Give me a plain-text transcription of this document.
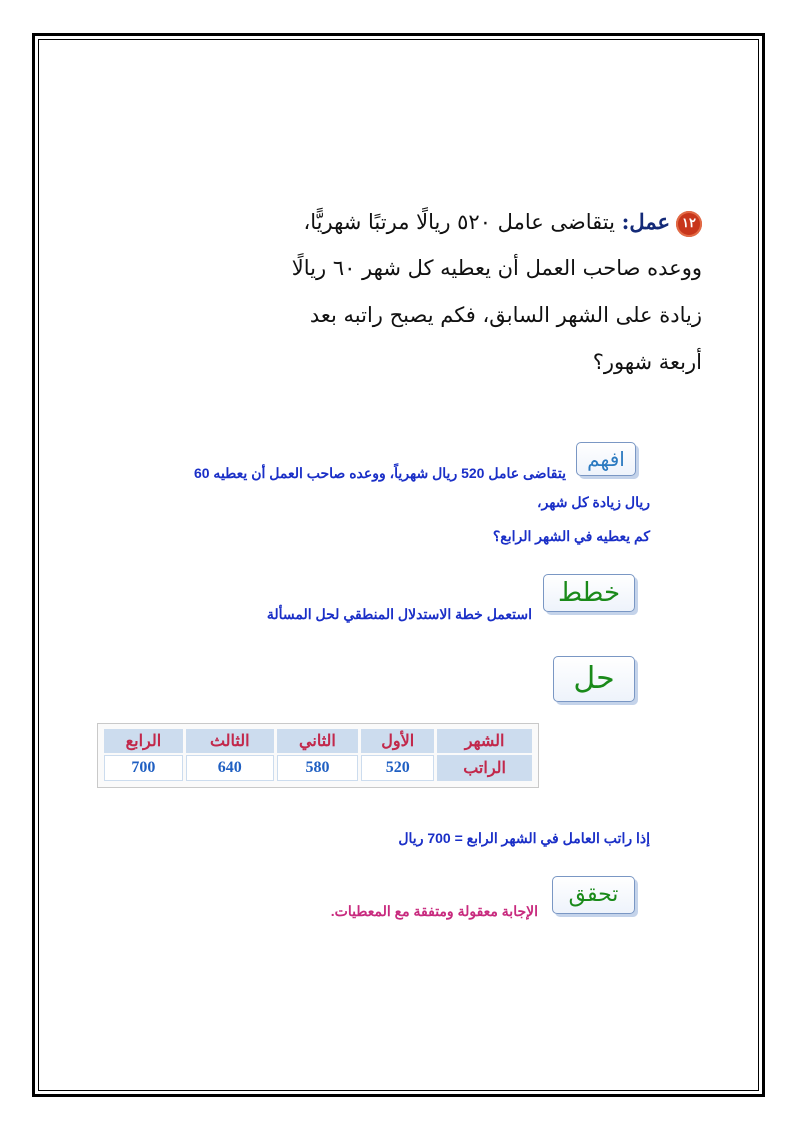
١٢عمل: يتقاضى عامل ٥٢٠ ريالًا مرتبًا شهريًّا،
ووعده صاحب العمل أن يعطيه كل شهر ٦٠ ريالًا
زيادة على الشهر السابق، فكم يصبح راتبه بعد
أربعة شهور؟
افهم
يتقاضى عامل 520 ريال شهرياً، ووعده صاحب العمل أن يعطيه 60
ريال زيادة كل شهر،
كم يعطيه في الشهر الرابع؟
خطط
استعمل خطة الاستدلال المنطقي لحل المسألة
حل
الشهر	الأول	الثاني	الثالث	الرابع
الراتب	520	580	640	700
إذا راتب العامل في الشهر الرابع = 700 ريال
تحقق
الإجابة معقولة ومتفقة مع المعطيات.
